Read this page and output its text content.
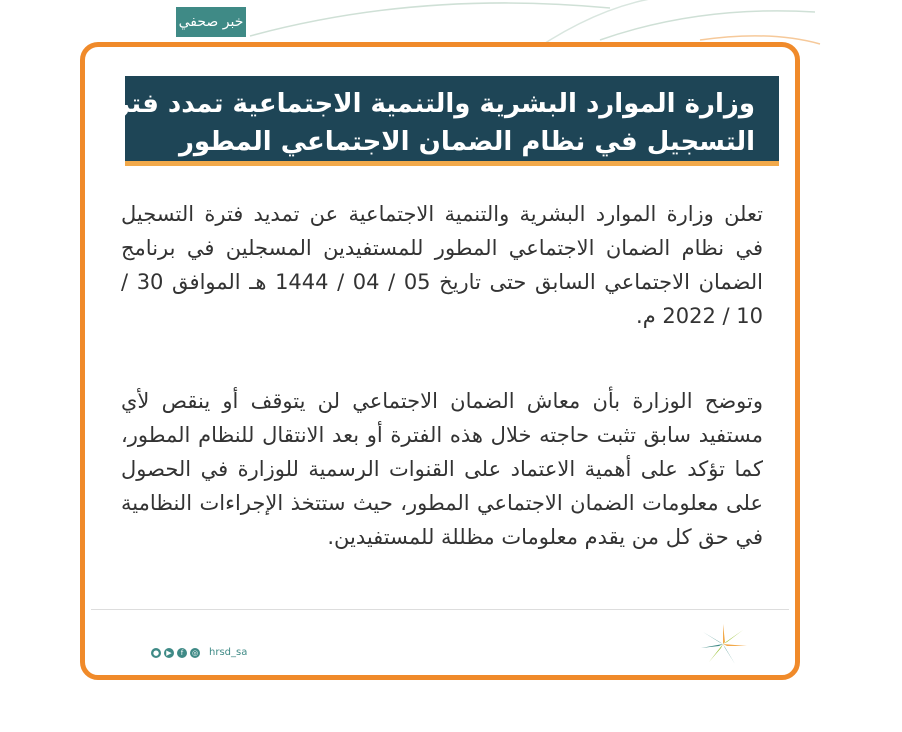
خبر صحفي
وزارة الموارد البشرية والتنمية الاجتماعية تمدد فترة
التسجيل في نظام الضمان الاجتماعي المطور
تعلن وزارة الموارد البشرية والتنمية الاجتماعية عن تمديد فترة التسجيل في نظام الضمان الاجتماعي المطور للمستفيدين المسجلين في برنامج الضمان الاجتماعي السابق حتى تاريخ 05 / 04 / 1444 هـ الموافق 30 / 10 / 2022 م.
وتوضح الوزارة بأن معاش الضمان الاجتماعي لن يتوقف أو ينقص لأي مستفيد سابق تثبت حاجته خلال هذه الفترة أو بعد الانتقال للنظام المطور، كما تؤكد على أهمية الاعتماد على القنوات الرسمية للوزارة في الحصول على معلومات الضمان الاجتماعي المطور، حيث ستتخذ الإجراءات النظامية في حق كل من يقدم معلومات مظللة للمستفيدين.
●	▶	f	◎ hrsd_sa
